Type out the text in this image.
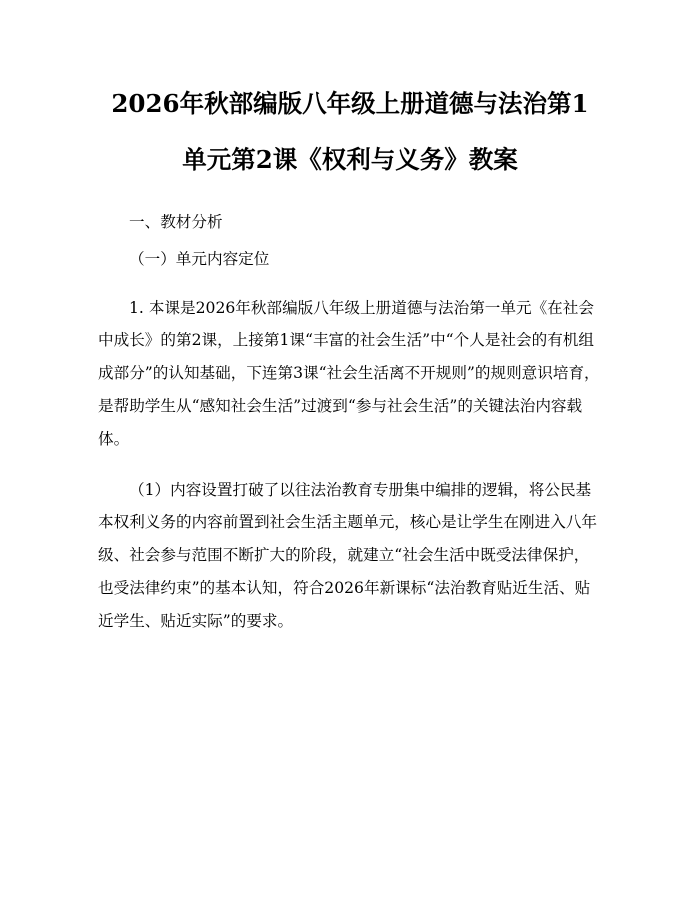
2026年秋部编版八年级上册道德与法治第1
单元第2课《权利与义务》教案

一、教材分析

（一）单元内容定位

1. 本课是2026年秋部编版八年级上册道德与法治第一单元《在社会中成长》的第2课，上接第1课“丰富的社会生活”中“个人是社会的有机组成部分”的认知基础，下连第3课“社会生活离不开规则”的规则意识培育，是帮助学生从“感知社会生活”过渡到“参与社会生活”的关键法治内容载体。

（1）内容设置打破了以往法治教育专册集中编排的逻辑，将公民基本权利义务的内容前置到社会生活主题单元，核心是让学生在刚进入八年级、社会参与范围不断扩大的阶段，就建立“社会生活中既受法律保护，也受法律约束”的基本认知，符合2026年新课标“法治教育贴近生活、贴近学生、贴近实际”的要求。
